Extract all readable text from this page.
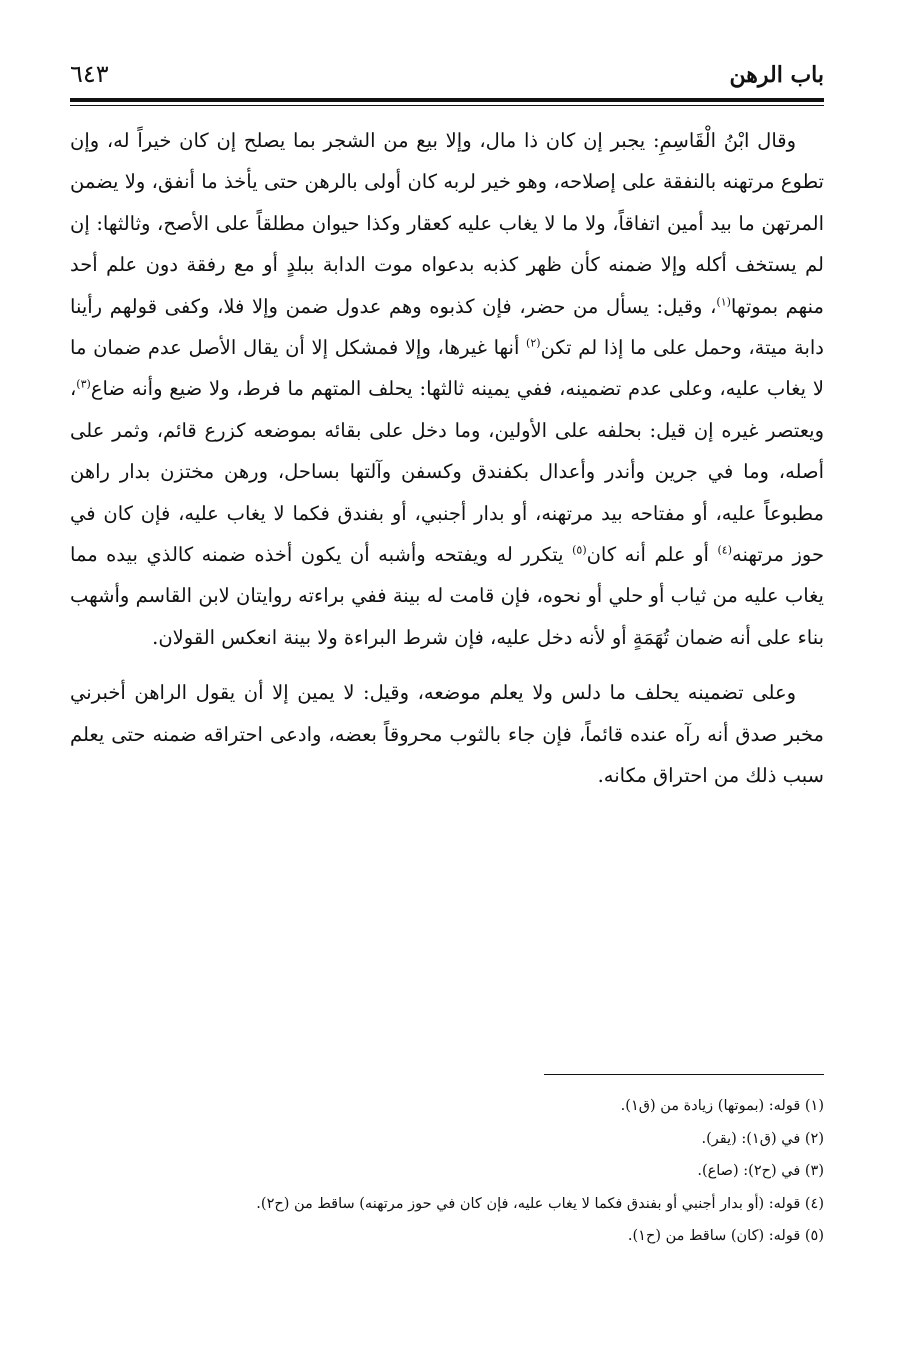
باب الرهن
٦٤٣

وقال ابْنُ الْقَاسِمِ: يجبر إن كان ذا مال، وإلا بيع من الشجر بما يصلح إن كان خيراً له، وإن تطوع مرتهنه بالنفقة على إصلاحه، وهو خير لربه كان أولى بالرهن حتى يأخذ ما أنفق، ولا يضمن المرتهن ما بيد أمين اتفاقاً، ولا ما لا يغاب عليه كعقار وكذا حيوان مطلقاً على الأصح، وثالثها: إن لم يستخف أكله وإلا ضمنه كأن ظهر كذبه بدعواه موت الدابة ببلدٍ أو مع رفقة دون علم أحد منهم بموتها$^{(١)}$، وقيل: يسأل من حضر، فإن كذبوه وهم عدول ضمن وإلا فلا، وكفى قولهم رأينا دابة ميتة، وحمل على ما إذا لم تكن$^{(٢)}$ أنها غيرها، وإلا فمشكل إلا أن يقال الأصل عدم ضمان ما لا يغاب عليه، وعلى عدم تضمينه، ففي يمينه ثالثها: يحلف المتهم ما فرط، ولا ضيع وأنه ضاع$^{(٣)}$، ويعتصر غيره إن قيل: بحلفه على الأولين، وما دخل على بقائه بموضعه كزرع قائم، وثمر على أصله، وما في جرين وأندر وأعدال بكفندق وكسفن وآلتها بساحل، ورهن مختزن بدار راهن مطبوعاً عليه، أو مفتاحه بيد مرتهنه، أو بدار أجنبي، أو بفندق فكما لا يغاب عليه، فإن كان في حوز مرتهنه$^{(٤)}$ أو علم أنه كان$^{(٥)}$ يتكرر له ويفتحه وأشبه أن يكون أخذه ضمنه كالذي بيده مما يغاب عليه من ثياب أو حلي أو نحوه، فإن قامت له بينة ففي براءته روايتان لابن القاسم وأشهب بناء على أنه ضمان تُهَمَةٍ أو لأنه دخل عليه، فإن شرط البراءة ولا بينة انعكس القولان.

وعلى تضمينه يحلف ما دلس ولا يعلم موضعه، وقيل: لا يمين إلا أن يقول الراهن أخبرني مخبر صدق أنه رآه عنده قائماً، فإن جاء بالثوب محروقاً بعضه، وادعى احتراقه ضمنه حتى يعلم سبب ذلك من احتراق مكانه.

(١) قوله: (بموتها) زيادة من (ق١).

(٢) في (ق١): (يقر).

(٣) في (ح٢): (صاع).

(٤) قوله: (أو بدار أجنبي أو بفندق فكما لا يغاب عليه، فإن كان في حوز مرتهنه) ساقط من (ح٢).

(٥) قوله: (كان) ساقط من (ح١).
